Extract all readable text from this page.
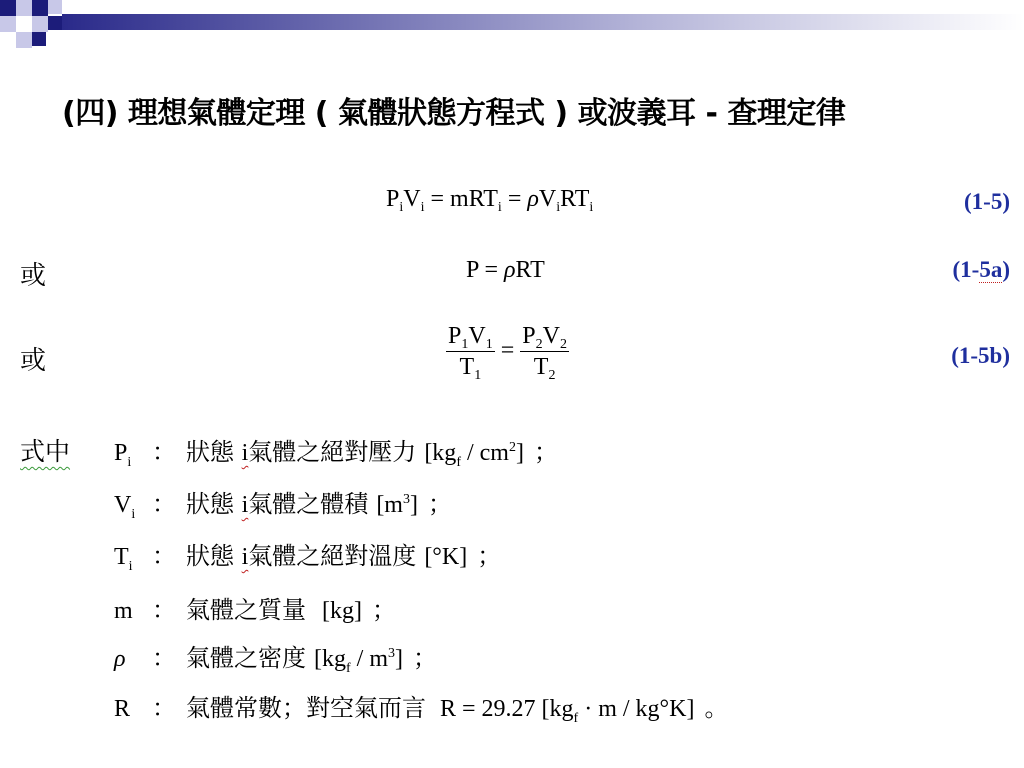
(四) 理想氣體定理 ( 氣體狀態方程式 ) 或波義耳 - 查理定律
$P_iV_i = mRT_i = \rho V_iRT_i$	(1-5)
或	P = ρRT	(1-5a)
或	$\frac{P_1V_1}{T_1} = \frac{P_2V_2}{T_2}$	(1-5b)
式中 $P_i$ ： 狀態 i氣體之絕對壓力 $[kg_f / cm^2]$ ；
$V_i$ ： 狀態 i氣體之體積 $[m^3]$ ；
$T_i$ ： 狀態 i氣體之絕對溫度 [°K] ；
m ： 氣體之質量 [kg] ；
ρ ： 氣體之密度 $[kg_f / m^3]$ ；
R ： 氣體常數；對空氣而言 R = 29.27 $[kg_f \cdot m / kg^\circ K]$ 。
